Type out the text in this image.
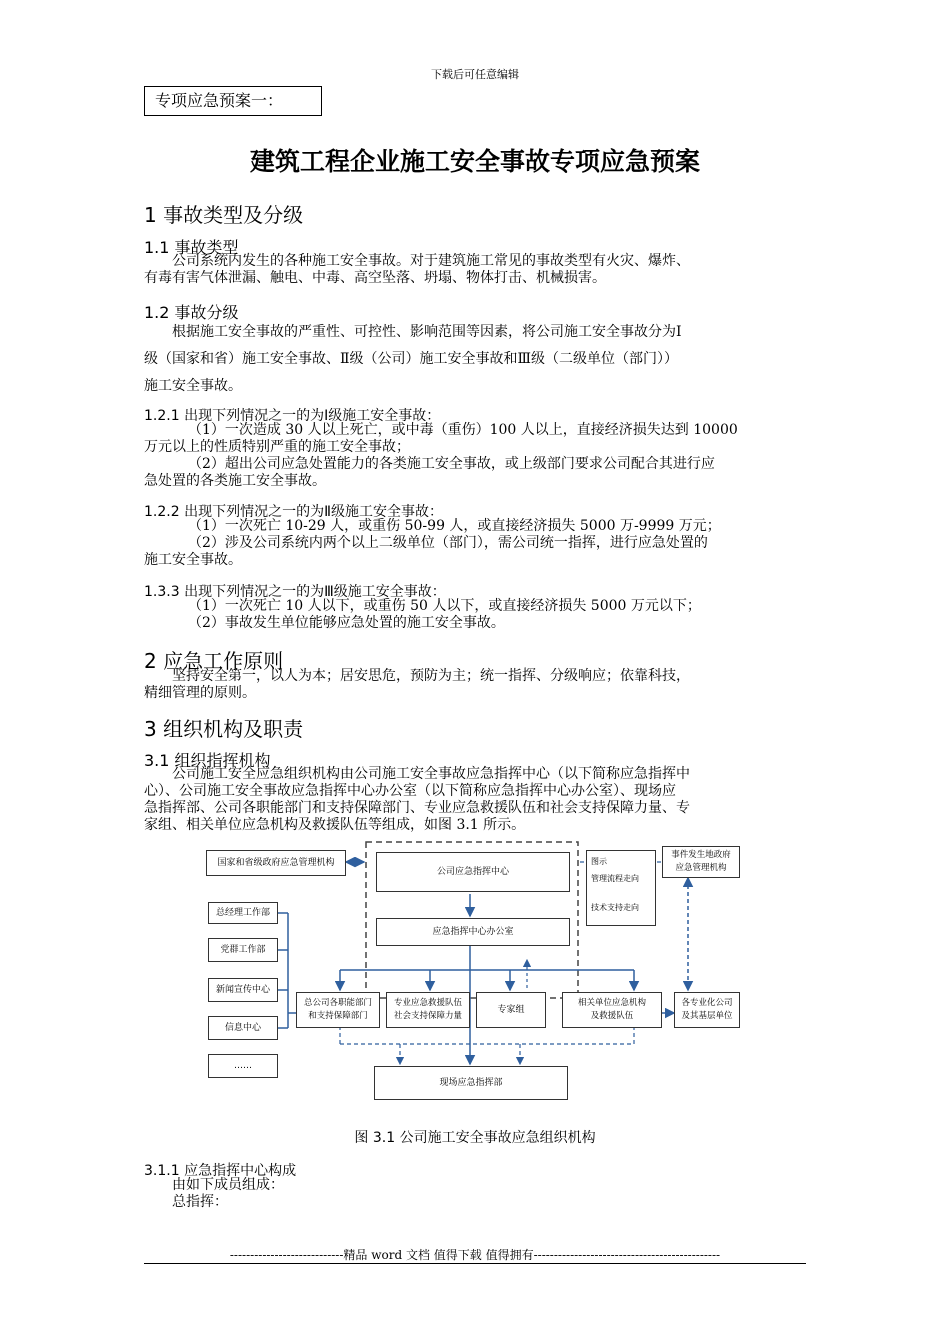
下载后可任意编辑
专项应急预案一：
建筑工程企业施工安全事故专项应急预案
1 事故类型及分级
1.1 事故类型
公司系统内发生的各种施工安全事故。对于建筑施工常见的事故类型有火灾、爆炸、
有毒有害气体泄漏、触电、中毒、高空坠落、坍塌、物体打击、机械损害。
1.2 事故分级
根据施工安全事故的严重性、可控性、影响范围等因素，将公司施工安全事故分为Ⅰ
级（国家和省）施工安全事故、Ⅱ级（公司）施工安全事故和Ⅲ级（二级单位（部门））
施工安全事故。
1.2.1 出现下列情况之一的为Ⅰ级施工安全事故：
（1）一次造成 30 人以上死亡，或中毒（重伤）100 人以上，直接经济损失达到 10000
万元以上的性质特别严重的施工安全事故；
（2）超出公司应急处置能力的各类施工安全事故，或上级部门要求公司配合其进行应
急处置的各类施工安全事故。
1.2.2 出现下列情况之一的为Ⅱ级施工安全事故：
（1）一次死亡 10-29 人，或重伤 50-99 人，或直接经济损失 5000 万-9999 万元；
（2）涉及公司系统内两个以上二级单位（部门），需公司统一指挥，进行应急处置的
施工安全事故。
1.3.3 出现下列情况之一的为Ⅲ级施工安全事故：
（1）一次死亡 10 人以下，或重伤 50 人以下，或直接经济损失 5000 万元以下；
（2）事故发生单位能够应急处置的施工安全事故。
2 应急工作原则
坚持安全第一，以人为本；居安思危，预防为主；统一指挥、分级响应；依靠科技，
精细管理的原则。
3 组织机构及职责
3.1 组织指挥机构
公司施工安全应急组织机构由公司施工安全事故应急指挥中心（以下简称应急指挥中
心）、公司施工安全事故应急指挥中心办公室（以下简称应急指挥中心办公室）、现场应
急指挥部、公司各职能部门和支持保障部门、专业应急救援队伍和社会支持保障力量、专
家组、相关单位应急机构及救援队伍等组成，如图 3.1 所示。
国家和省级政府应急管理机构
公司应急指挥中心
应急指挥中心办公室
图示
管理流程走向
技术支持走向
事件发生地政府
应急管理机构
总经理工作部
党群工作部
新闻宣传中心
信息中心
……
总公司各职能部门
和支持保障部门
专业应急救援队伍
社会支持保障力量
专家组
相关单位应急机构
及救援队伍
各专业化公司
及其基层单位
现场应急指挥部
图 3.1 公司施工安全事故应急组织机构
3.1.1 应急指挥中心构成
由如下成员组成：
总指挥：
----------------------------精品 word 文档 值得下载 值得拥有----------------------------------------------
